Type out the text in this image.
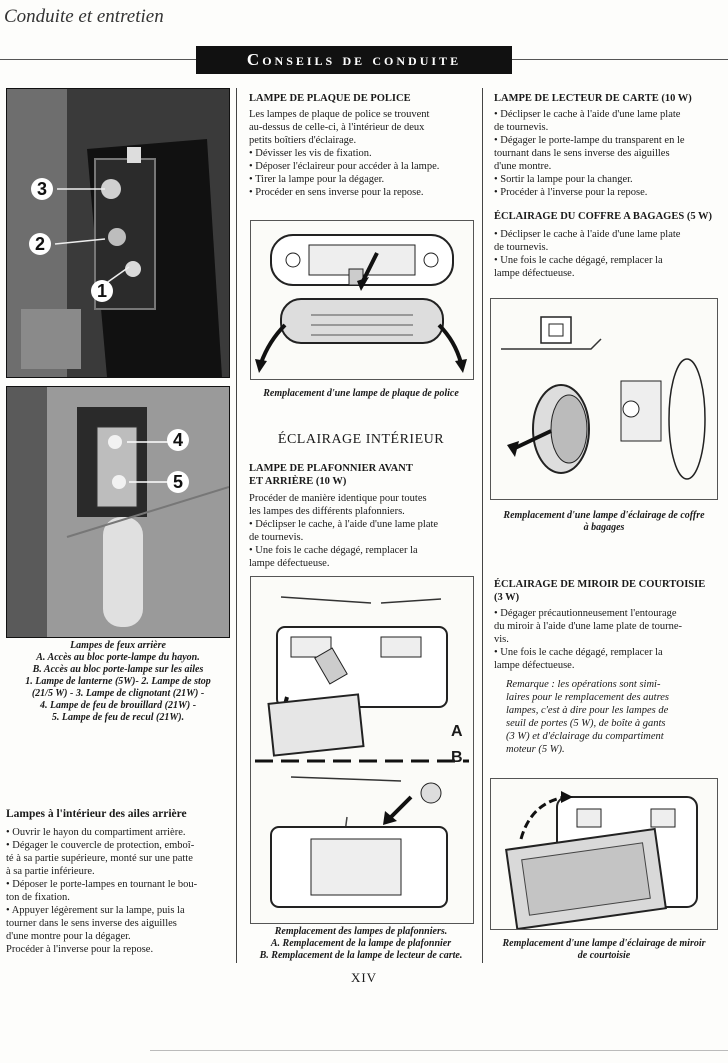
Conduite et entretien
Conseils de conduite
3
2
1
4
5
Lampes de feux arrière
A. Accès au bloc porte-lampe du hayon.
B. Accès au bloc porte-lampe sur les ailes
1. Lampe de lanterne (5W)- 2. Lampe de stop
(21/5 W) - 3. Lampe de clignotant (21W) -
4. Lampe de feu de brouillard (21W) -
5. Lampe de feu de recul (21W).
Lampes à l'intérieur des ailes arrière

• Ouvrir le hayon du compartiment arrière.

• Dégager le couvercle de protection, emboî-

té à sa partie supérieure, monté sur une patte

à sa partie inférieure.

• Déposer le porte-lampes en tournant le bou-

ton de fixation.

• Appuyer légèrement sur la lampe, puis la

tourner dans le sens inverse des aiguilles

d'une montre pour la dégager.

Procéder à l'inverse pour la repose.

LAMPE DE PLAQUE DE POLICE

Les lampes de plaque de police se trouvent

au-dessus de celle-ci, à l'intérieur de deux

petits boîtiers d'éclairage.

• Dévisser les vis de fixation.

• Déposer l'éclaireur pour accéder à la lampe.

• Tirer la lampe pour la dégager.

• Procéder en sens inverse pour la repose.

Remplacement d'une lampe de plaque de police
ÉCLAIRAGE INTÉRIEUR
LAMPE DE PLAFONNIER AVANT
ET ARRIÈRE (10 W)

Procéder de manière identique pour toutes

les lampes des différents plafonniers.

• Déclipser le cache, à l'aide d'une lame plate

de tournevis.

• Une fois le cache dégagé, remplacer la

lampe défectueuse.

A
B
Remplacement des lampes de plafonniers.
A. Remplacement de la lampe de plafonnier
B. Remplacement de la lampe de lecteur de carte.
LAMPE DE LECTEUR DE CARTE (10 W)

• Déclipser le cache à l'aide d'une lame plate

de tournevis.

• Dégager le porte-lampe du transparent en le

tournant dans le sens inverse des aiguilles

d'une montre.

• Sortir la lampe pour la changer.

• Procéder à l'inverse pour la repose.

ÉCLAIRAGE DU COFFRE A BAGAGES (5 W)

• Déclipser le cache à l'aide d'une lame plate

de tournevis.

• Une fois le cache dégagé, remplacer la

lampe défectueuse.

Remplacement d'une lampe d'éclairage de coffre
à bagages
ÉCLAIRAGE DE MIROIR DE COURTOISIE
(3 W)

• Dégager précautionneusement l'entourage

du miroir à l'aide d'une lame plate de tourne-

vis.

• Une fois le cache dégagé, remplacer la

lampe défectueuse.

Remarque : les opérations sont simi-

laires pour le remplacement des autres

lampes, c'est à dire pour les lampes de

seuil de portes (5 W), de boîte à gants

(3 W) et d'éclairage du compartiment

moteur (5 W).

Remplacement d'une lampe d'éclairage de miroir
de courtoisie
XIV
